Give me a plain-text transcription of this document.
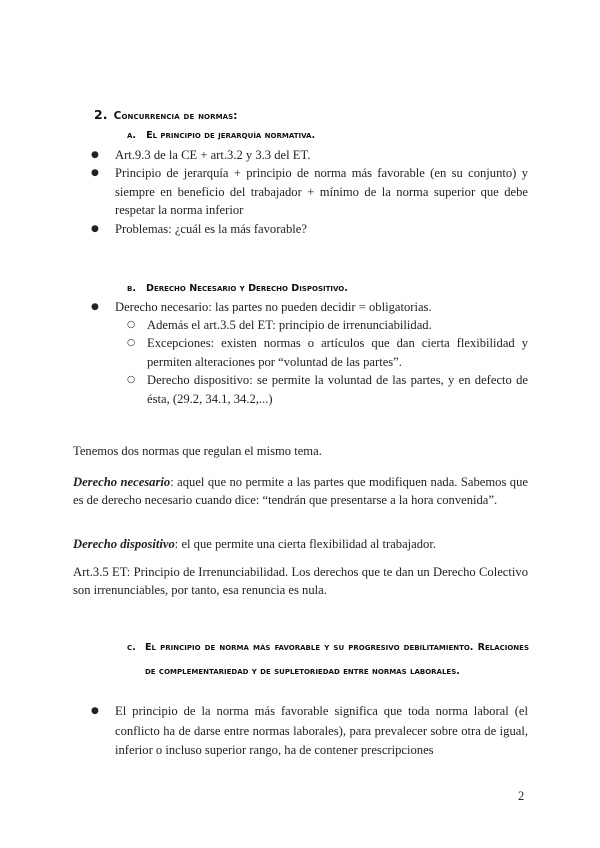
2. Concurrencia de normas:
a. El principio de jerarquía normativa.
● Art.9.3 de la CE + art.3.2 y 3.3 del ET.
● Principio de jerarquía + principio de norma más favorable (en su conjunto) y siempre en beneficio del trabajador + mínimo de la norma superior que debe respetar la norma inferior
● Problemas: ¿cuál es la más favorable?
b. Derecho Necesario y Derecho Dispositivo.
● Derecho necesario: las partes no pueden decidir = obligatorias.
○ Además el art.3.5 del ET: principio de irrenunciabilidad.
○ Excepciones: existen normas o artículos que dan cierta flexibilidad y permiten alteraciones por “voluntad de las partes”.
○ Derecho dispositivo: se permite la voluntad de las partes, y en defecto de ésta, (29.2, 34.1, 34.2,...)

Tenemos dos normas que regulan el mismo tema.

Derecho necesario: aquel que no permite a las partes que modifiquen nada. Sabemos que es de derecho necesario cuando dice: “tendrán que presentarse a la hora convenida”.

Derecho dispositivo: el que permite una cierta flexibilidad al trabajador.

Art.3.5 ET: Principio de Irrenunciabilidad. Los derechos que te dan un Derecho Colectivo son irrenunciables, por tanto, esa renuncia es nula.

c. El principio de norma más favorable y su progresivo debilitamiento. Relaciones de complementariedad y de supletoriedad entre normas laborales.
● El principio de la norma más favorable significa que toda norma laboral (el conflicto ha de darse entre normas laborales), para prevalecer sobre otra de igual, inferior o incluso superior rango, ha de contener prescripciones
2
